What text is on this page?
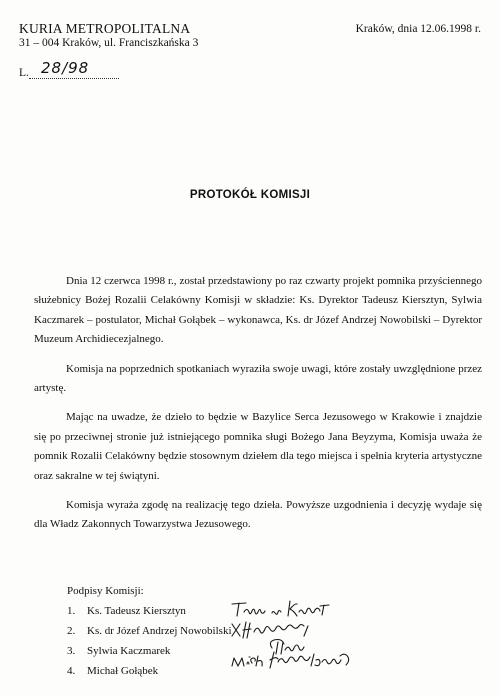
KURIA METROPOLITALNA
31 – 004 Kraków, ul. Franciszkańska 3
L. 28/98
Kraków, dnia 12.06.1998 r.
PROTOKÓŁ KOMISJI

Dnia 12 czerwca 1998 r., został przedstawiony po raz czwarty projekt pomnika przyściennego służebnicy Bożej Rozalii Celakówny Komisji w składzie: Ks. Dyrektor Tadeusz Kiersztyn, Sylwia Kaczmarek – postulator, Michał Gołąbek – wykonawca, Ks. dr Józef Andrzej Nowobilski – Dyrektor Muzeum Archidiecezjalnego.

Komisja na poprzednich spotkaniach wyraziła swoje uwagi, które zostały uwzględnione przez artystę.

Mając na uwadze, że dzieło to będzie w Bazylice Serca Jezusowego w Krakowie i znajdzie się po przeciwnej stronie już istniejącego pomnika sługi Bożego Jana Beyzyma, Komisja uważa że pomnik Rozalii Celakówny będzie stosownym dziełem dla tego miejsca i spełnia kryteria artystyczne oraz sakralne w tej świątyni.

Komisja wyraża zgodę na realizację tego dzieła. Powyższe uzgodnienia i decyzję wydaje się dla Władz Zakonnych Towarzystwa Jezusowego.

Podpisy Komisji:
1. Ks. Tadeusz Kiersztyn
2. Ks. dr Józef Andrzej Nowobilski
3. Sylwia Kaczmarek
4. Michał Gołąbek
